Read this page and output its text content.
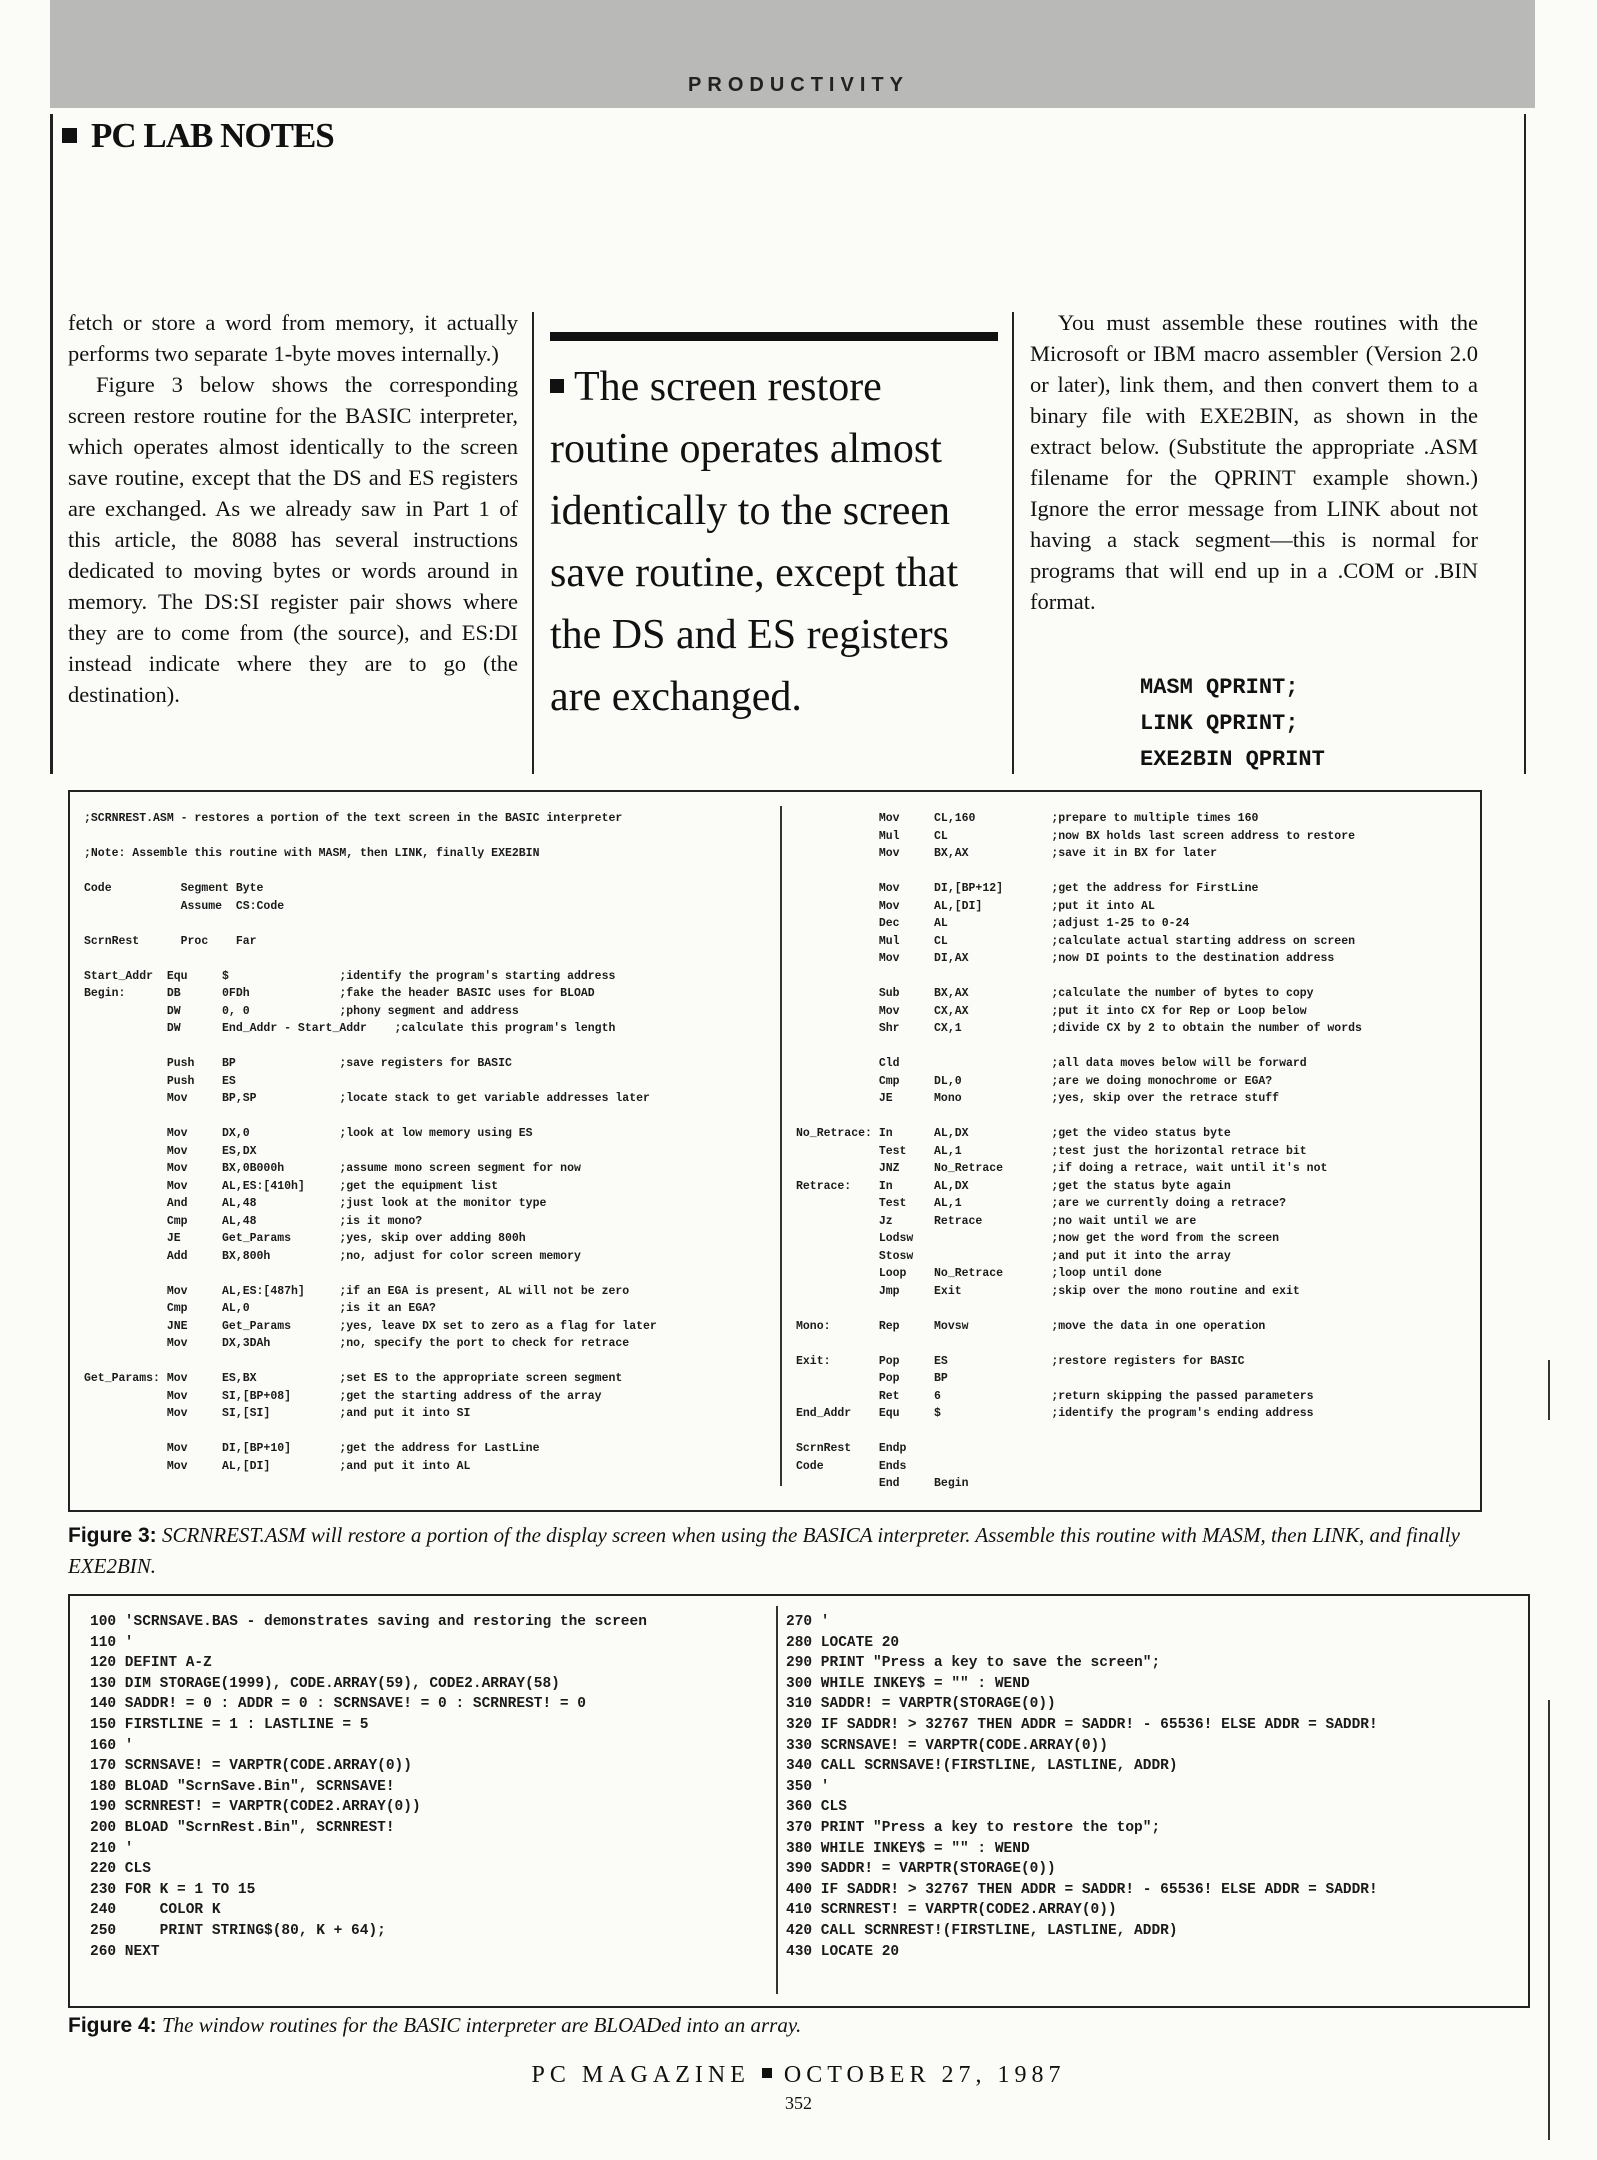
PRODUCTIVITY
PC LAB NOTES

fetch or store a word from memory, it actually performs two separate 1-byte moves internally.)

Figure 3 below shows the corresponding screen restore routine for the BASIC interpreter, which operates almost identically to the screen save routine, except that the DS and ES registers are exchanged. As we already saw in Part 1 of this article, the 8088 has several instructions dedicated to moving bytes or words around in memory. The DS:SI register pair shows where they are to come from (the source), and ES:DI instead indicate where they are to go (the destination).

The screen restore routine operates almost identically to the screen save routine, except that the DS and ES registers are exchanged.

You must assemble these routines with the Microsoft or IBM macro assembler (Version 2.0 or later), link them, and then convert them to a binary file with EXE2BIN, as shown in the extract below. (Substitute the appropriate .ASM filename for the QPRINT example shown.) Ignore the error message from LINK about not having a stack segment—this is normal for programs that will end up in a .COM or .BIN format.

MASM QPRINT;
LINK QPRINT;
EXE2BIN QPRINT
;SCRNREST.ASM - restores a portion of the text screen in the BASIC interpreter

;Note: Assemble this routine with MASM, then LINK, finally EXE2BIN

Code          Segment Byte
Assume  CS:Code

ScrnRest      Proc    Far

Start_Addr  Equ     $                ;identify the program's starting address
Begin:      DB      0FDh             ;fake the header BASIC uses for BLOAD
DW      0, 0             ;phony segment and address
DW      End_Addr - Start_Addr    ;calculate this program's length

Push    BP               ;save registers for BASIC
Push    ES
Mov     BP,SP            ;locate stack to get variable addresses later

Mov     DX,0             ;look at low memory using ES
Mov     ES,DX
Mov     BX,0B000h        ;assume mono screen segment for now
Mov     AL,ES:[410h]     ;get the equipment list
And     AL,48            ;just look at the monitor type
Cmp     AL,48            ;is it mono?
JE      Get_Params       ;yes, skip over adding 800h
Add     BX,800h          ;no, adjust for color screen memory

Mov     AL,ES:[487h]     ;if an EGA is present, AL will not be zero
Cmp     AL,0             ;is it an EGA?
JNE     Get_Params       ;yes, leave DX set to zero as a flag for later
Mov     DX,3DAh          ;no, specify the port to check for retrace

Get_Params: Mov     ES,BX            ;set ES to the appropriate screen segment
Mov     SI,[BP+08]       ;get the starting address of the array
Mov     SI,[SI]          ;and put it into SI

Mov     DI,[BP+10]       ;get the address for LastLine
Mov     AL,[DI]          ;and put it into AL
Mov     CL,160           ;prepare to multiple times 160
Mul     CL               ;now BX holds last screen address to restore
Mov     BX,AX            ;save it in BX for later

Mov     DI,[BP+12]       ;get the address for FirstLine
Mov     AL,[DI]          ;put it into AL
Dec     AL               ;adjust 1-25 to 0-24
Mul     CL               ;calculate actual starting address on screen
Mov     DI,AX            ;now DI points to the destination address

Sub     BX,AX            ;calculate the number of bytes to copy
Mov     CX,AX            ;put it into CX for Rep or Loop below
Shr     CX,1             ;divide CX by 2 to obtain the number of words

Cld                      ;all data moves below will be forward
Cmp     DL,0             ;are we doing monochrome or EGA?
JE      Mono             ;yes, skip over the retrace stuff

No_Retrace: In      AL,DX            ;get the video status byte
Test    AL,1             ;test just the horizontal retrace bit
JNZ     No_Retrace       ;if doing a retrace, wait until it's not
Retrace:    In      AL,DX            ;get the status byte again
Test    AL,1             ;are we currently doing a retrace?
Jz      Retrace          ;no wait until we are
Lodsw                    ;now get the word from the screen
Stosw                    ;and put it into the array
Loop    No_Retrace       ;loop until done
Jmp     Exit             ;skip over the mono routine and exit

Mono:       Rep     Movsw            ;move the data in one operation

Exit:       Pop     ES               ;restore registers for BASIC
Pop     BP
Ret     6                ;return skipping the passed parameters
End_Addr    Equ     $                ;identify the program's ending address

ScrnRest    Endp
Code        Ends
End     Begin
Figure 3: SCRNREST.ASM will restore a portion of the display screen when using the BASICA interpreter. Assemble this routine with MASM, then LINK, and finally EXE2BIN.
100 'SCRNSAVE.BAS - demonstrates saving and restoring the screen
110 '
120 DEFINT A-Z
130 DIM STORAGE(1999), CODE.ARRAY(59), CODE2.ARRAY(58)
140 SADDR! = 0 : ADDR = 0 : SCRNSAVE! = 0 : SCRNREST! = 0
150 FIRSTLINE = 1 : LASTLINE = 5
160 '
170 SCRNSAVE! = VARPTR(CODE.ARRAY(0))
180 BLOAD "ScrnSave.Bin", SCRNSAVE!
190 SCRNREST! = VARPTR(CODE2.ARRAY(0))
200 BLOAD "ScrnRest.Bin", SCRNREST!
210 '
220 CLS
230 FOR K = 1 TO 15
240     COLOR K
250     PRINT STRING$(80, K + 64);
260 NEXT
270 '
280 LOCATE 20
290 PRINT "Press a key to save the screen";
300 WHILE INKEY$ = "" : WEND
310 SADDR! = VARPTR(STORAGE(0))
320 IF SADDR! > 32767 THEN ADDR = SADDR! - 65536! ELSE ADDR = SADDR!
330 SCRNSAVE! = VARPTR(CODE.ARRAY(0))
340 CALL SCRNSAVE!(FIRSTLINE, LASTLINE, ADDR)
350 '
360 CLS
370 PRINT "Press a key to restore the top";
380 WHILE INKEY$ = "" : WEND
390 SADDR! = VARPTR(STORAGE(0))
400 IF SADDR! > 32767 THEN ADDR = SADDR! - 65536! ELSE ADDR = SADDR!
410 SCRNREST! = VARPTR(CODE2.ARRAY(0))
420 CALL SCRNREST!(FIRSTLINE, LASTLINE, ADDR)
430 LOCATE 20
Figure 4: The window routines for the BASIC interpreter are BLOADed into an array.
PC MAGAZINE OCTOBER 27, 1987
352
